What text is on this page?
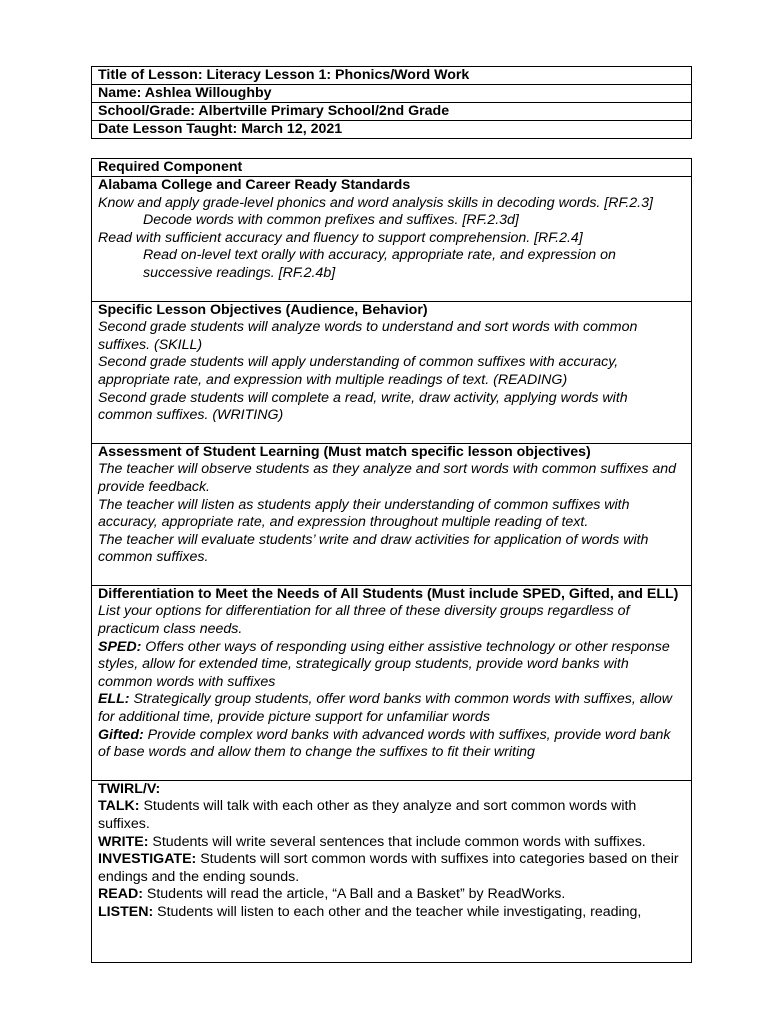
Title of Lesson: Literacy Lesson 1: Phonics/Word Work
Name: Ashlea Willoughby
School/Grade: Albertville Primary School/2nd Grade
Date Lesson Taught: March 12, 2021
Required Component

Alabama College and Career Ready Standards
Know and apply grade-level phonics and word analysis skills in decoding words. [RF.2.3]
Decode words with common prefixes and suffixes. [RF.2.3d]
Read with sufficient accuracy and fluency to support comprehension. [RF.2.4]
Read on-level text orally with accuracy, appropriate rate, and expression on successive readings. [RF.2.4b]

Specific Lesson Objectives (Audience, Behavior)
Second grade students will analyze words to understand and sort words with common suffixes. (SKILL)
Second grade students will apply understanding of common suffixes with accuracy, appropriate rate, and expression with multiple readings of text. (READING)
Second grade students will complete a read, write, draw activity, applying words with common suffixes. (WRITING)

Assessment of Student Learning (Must match specific lesson objectives)
The teacher will observe students as they analyze and sort words with common suffixes and provide feedback.
The teacher will listen as students apply their understanding of common suffixes with accuracy, appropriate rate, and expression throughout multiple reading of text.
The teacher will evaluate students’ write and draw activities for application of words with common suffixes.

Differentiation to Meet the Needs of All Students (Must include SPED, Gifted, and ELL)
List your options for differentiation for all three of these diversity groups regardless of practicum class needs.
SPED: Offers other ways of responding using either assistive technology or other response styles, allow for extended time, strategically group students, provide word banks with common words with suffixes
ELL: Strategically group students, offer word banks with common words with suffixes, allow for additional time, provide picture support for unfamiliar words
Gifted: Provide complex word banks with advanced words with suffixes, provide word bank of base words and allow them to change the suffixes to fit their writing

TWIRL/V:
TALK: Students will talk with each other as they analyze and sort common words with suffixes.
WRITE: Students will write several sentences that include common words with suffixes.
INVESTIGATE: Students will sort common words with suffixes into categories based on their endings and the ending sounds.
READ: Students will read the article, “A Ball and a Basket” by ReadWorks.
LISTEN: Students will listen to each other and the teacher while investigating, reading,
